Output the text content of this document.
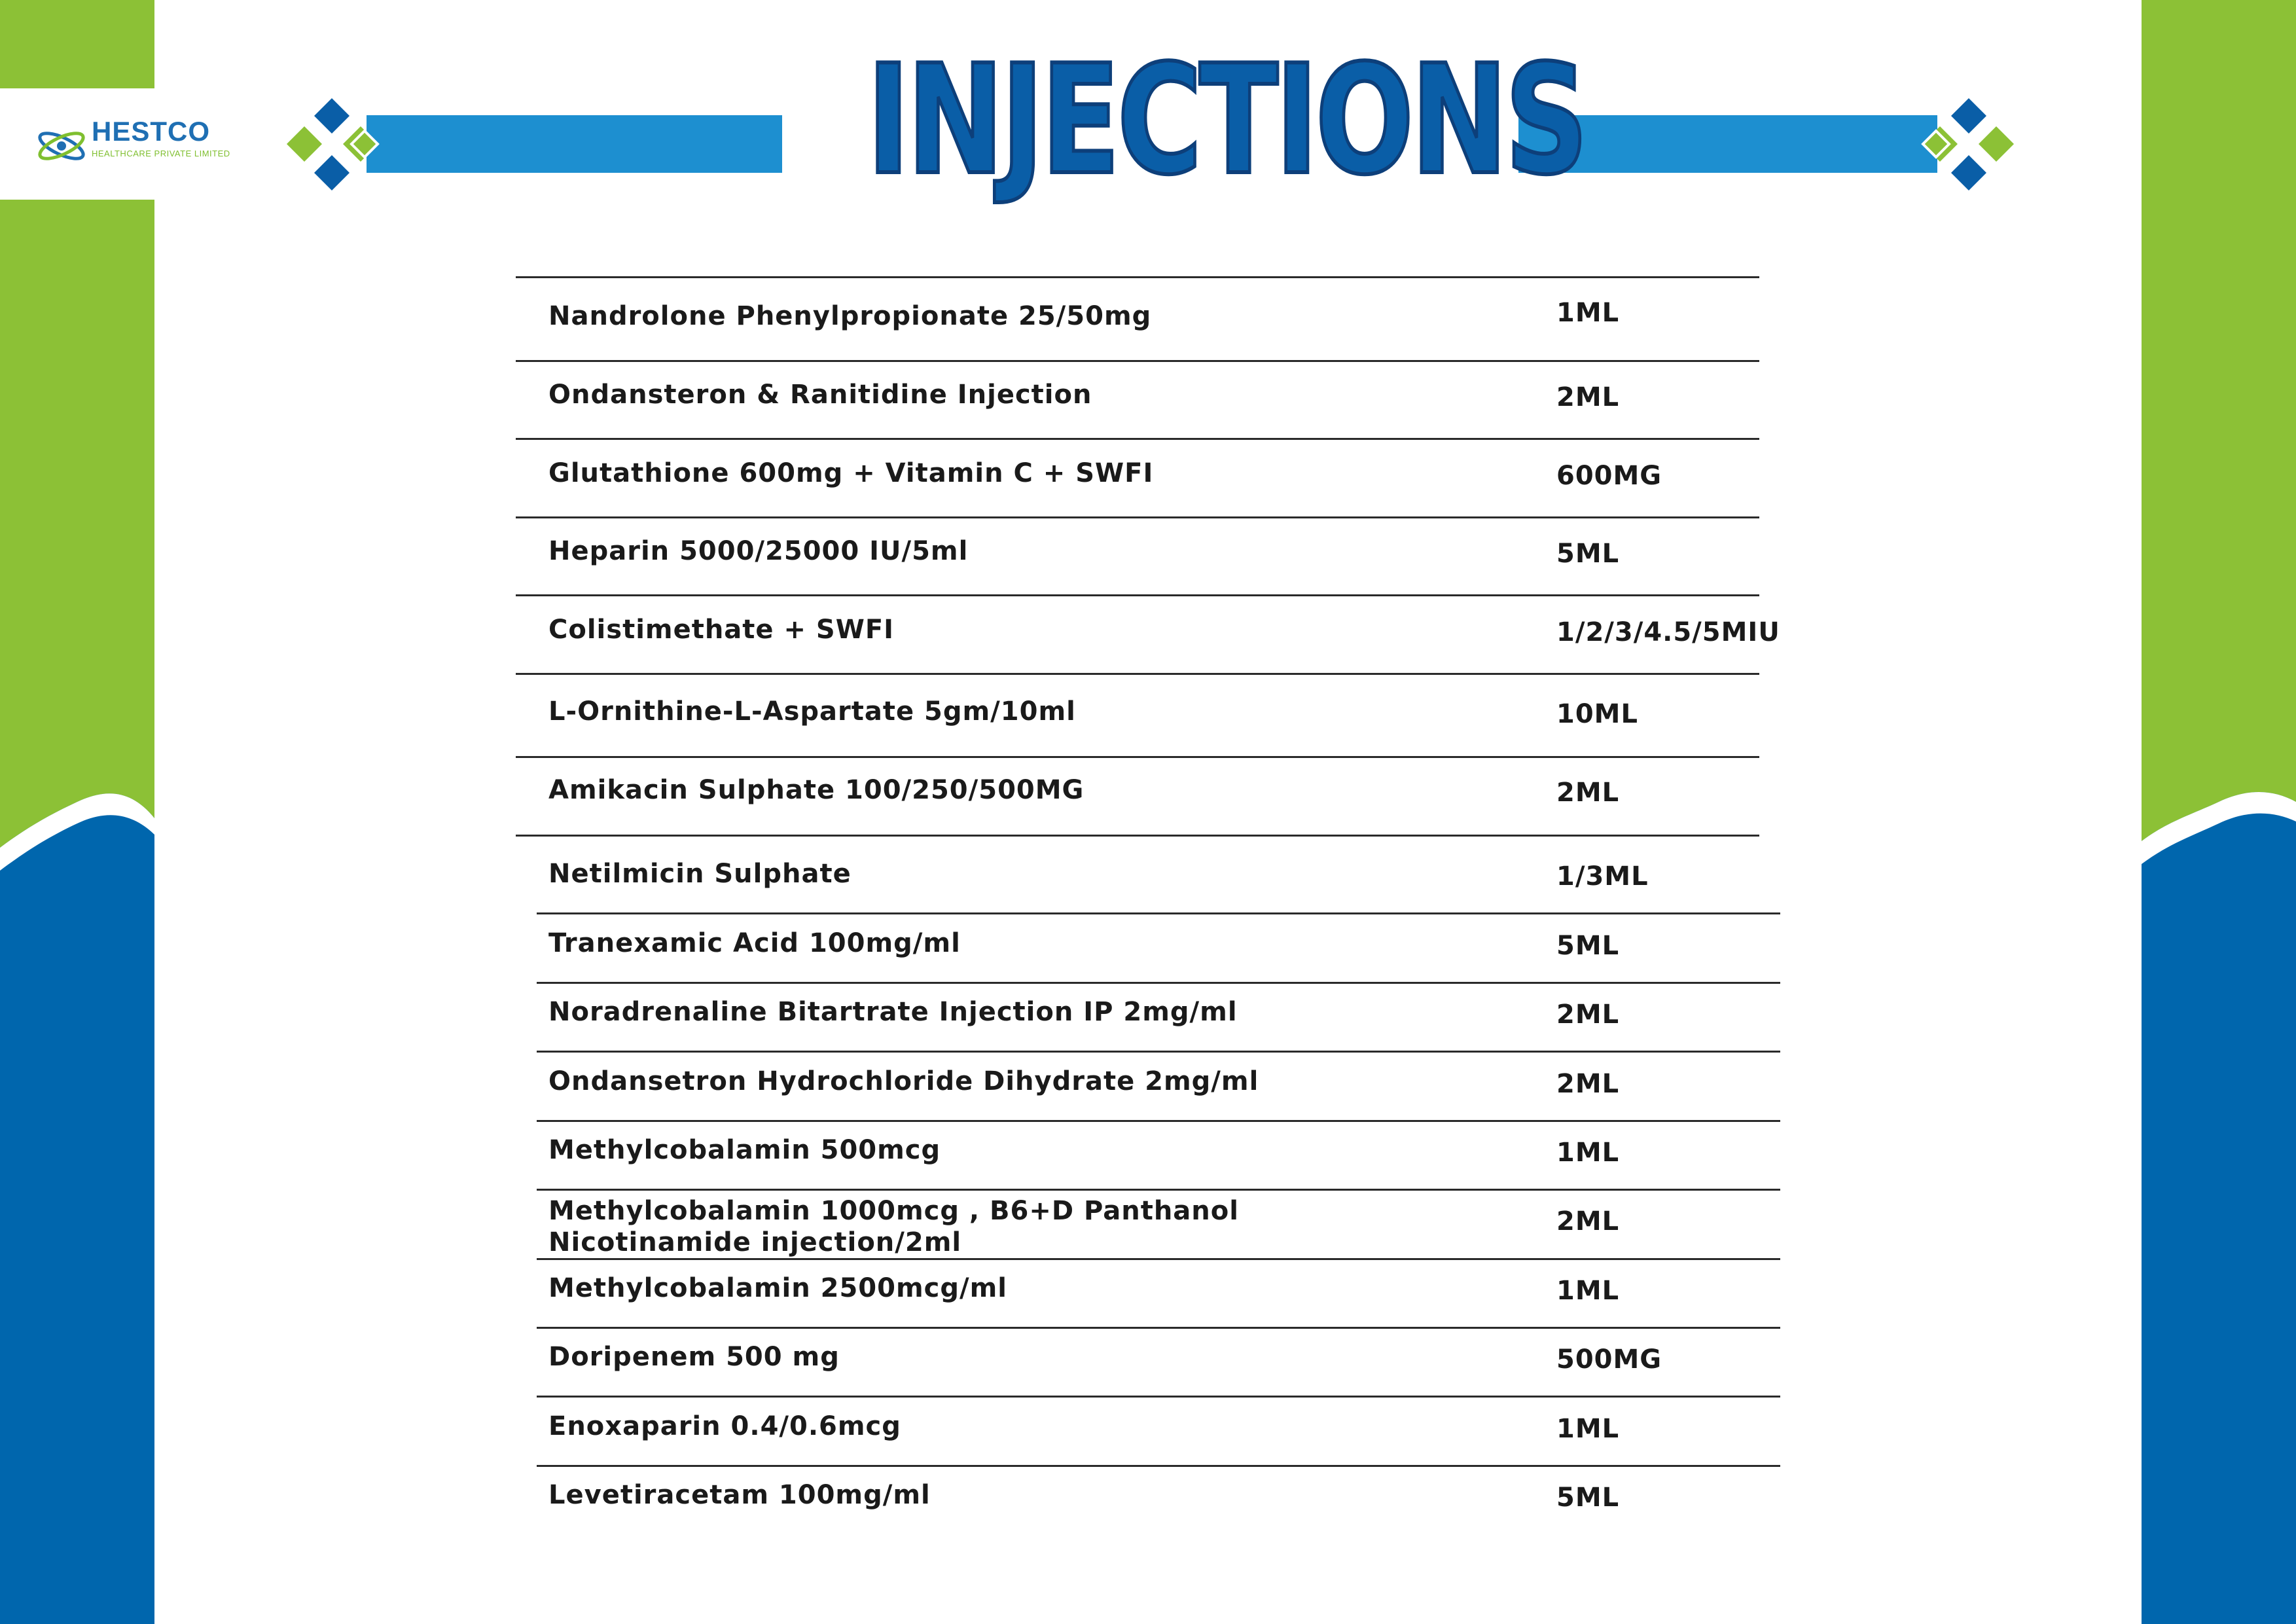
HESTCO
HEALTHCARE PRIVATE LIMITED	INJECTIONS
Nandrolone Phenylpropionate 25/50mg	1ML
Ondansteron & Ranitidine Injection	2ML
Glutathione 600mg + Vitamin C + SWFI	600MG
Heparin 5000/25000 IU/5ml	5ML
Colistimethate + SWFI	1/2/3/4.5/5MIU
L-Ornithine-L-Aspartate 5gm/10ml	10ML
Amikacin Sulphate 100/250/500MG	2ML
Netilmicin Sulphate	1/3ML
Tranexamic Acid 100mg/ml	5ML
Noradrenaline Bitartrate Injection IP 2mg/ml	2ML
Ondansetron Hydrochloride Dihydrate 2mg/ml	2ML
Methylcobalamin 500mcg	1ML
Methylcobalamin 1000mcg , B6+D Panthanol
Nicotinamide injection/2ml
2ML
Methylcobalamin 2500mcg/ml	1ML
Doripenem 500 mg	500MG
Enoxaparin 0.4/0.6mcg	1ML
Levetiracetam 100mg/ml	5ML
